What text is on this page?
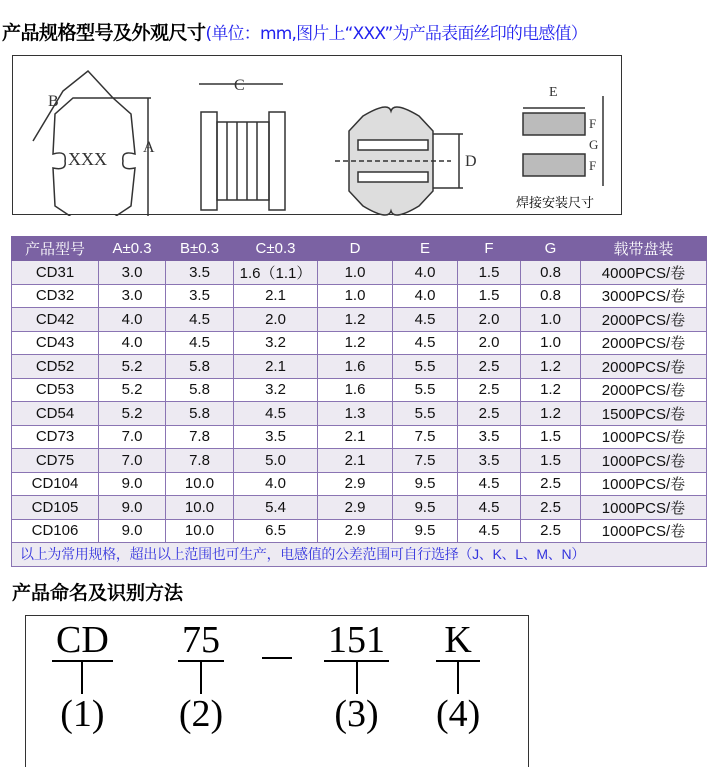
产品规格型号及外观尺寸(单位：mm,图片上“XXX”为产品表面丝印的电感值）
A
B
XXX
C
D
E
F
G
F
焊接安装尺寸
产品型号	A±0.3	B±0.3	C±0.3	D	E	F	G	载带盘装
CD31	3.0	3.5	1.6（1.1）	1.0	4.0	1.5	0.8	4000PCS/卷
CD32	3.0	3.5	2.1	1.0	4.0	1.5	0.8	3000PCS/卷
CD42	4.0	4.5	2.0	1.2	4.5	2.0	1.0	2000PCS/卷
CD43	4.0	4.5	3.2	1.2	4.5	2.0	1.0	2000PCS/卷
CD52	5.2	5.8	2.1	1.6	5.5	2.5	1.2	2000PCS/卷
CD53	5.2	5.8	3.2	1.6	5.5	2.5	1.2	2000PCS/卷
CD54	5.2	5.8	4.5	1.3	5.5	2.5	1.2	1500PCS/卷
CD73	7.0	7.8	3.5	2.1	7.5	3.5	1.5	1000PCS/卷
CD75	7.0	7.8	5.0	2.1	7.5	3.5	1.5	1000PCS/卷
CD104	9.0	10.0	4.0	2.9	9.5	4.5	2.5	1000PCS/卷
CD105	9.0	10.0	5.4	2.9	9.5	4.5	2.5	1000PCS/卷
CD106	9.0	10.0	6.5	2.9	9.5	4.5	2.5	1000PCS/卷
以上为常用规格，超出以上范围也可生产，电感值的公差范围可自行选择（J、K、L、M、N）								
产品命名及识别方法
CD
(1)
75
(2)
151
(3)
K
(4)
